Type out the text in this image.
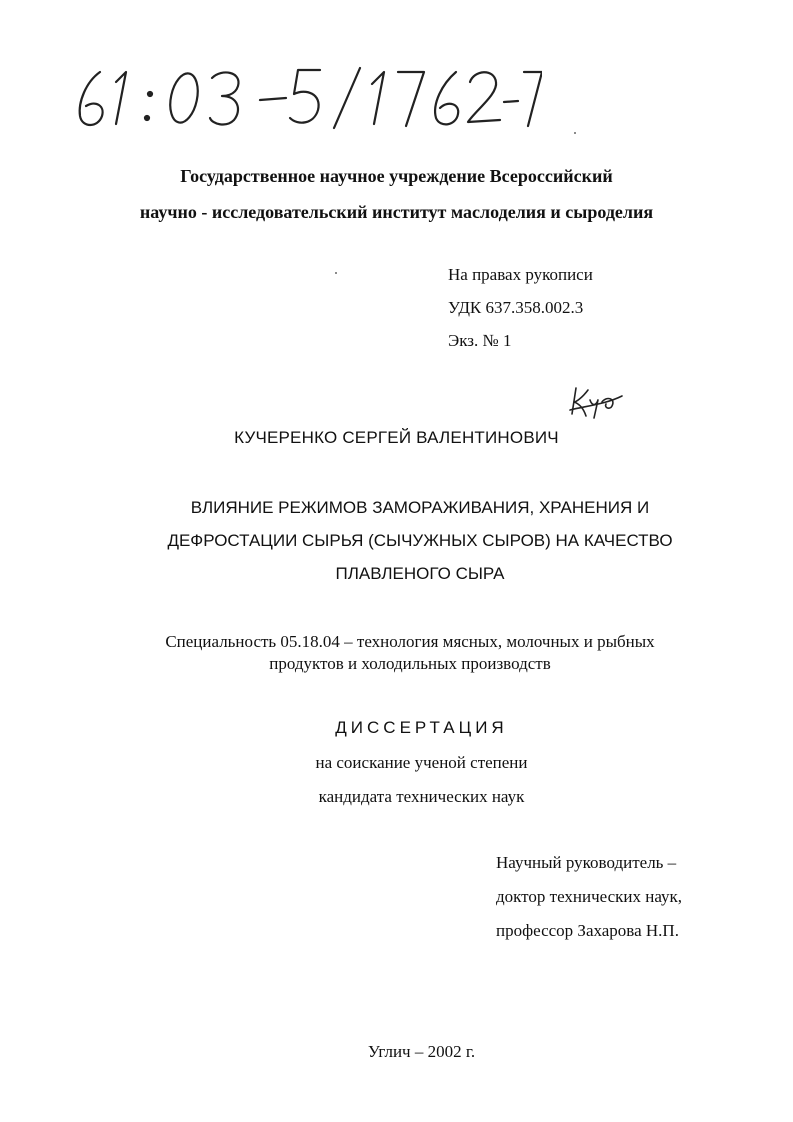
Государственное научное учреждение Всероссийский
научно - исследовательский институт маслоделия и сыроделия
На правах рукописи
УДК 637.358.002.3
Экз. № 1
КУЧЕРЕНКО СЕРГЕЙ ВАЛЕНТИНОВИЧ
ВЛИЯНИЕ РЕЖИМОВ ЗАМОРАЖИВАНИЯ, ХРАНЕНИЯ И
ДЕФРОСТАЦИИ СЫРЬЯ (СЫЧУЖНЫХ СЫРОВ) НА КАЧЕСТВО
ПЛАВЛЕНОГО СЫРА
Специальность 05.18.04 – технология мясных, молочных и рыбных
продуктов и холодильных производств
ДИССЕРТАЦИЯ
на соискание ученой степени
кандидата технических наук
Научный руководитель –
доктор технических наук,
профессор Захарова Н.П.
Углич – 2002 г.
